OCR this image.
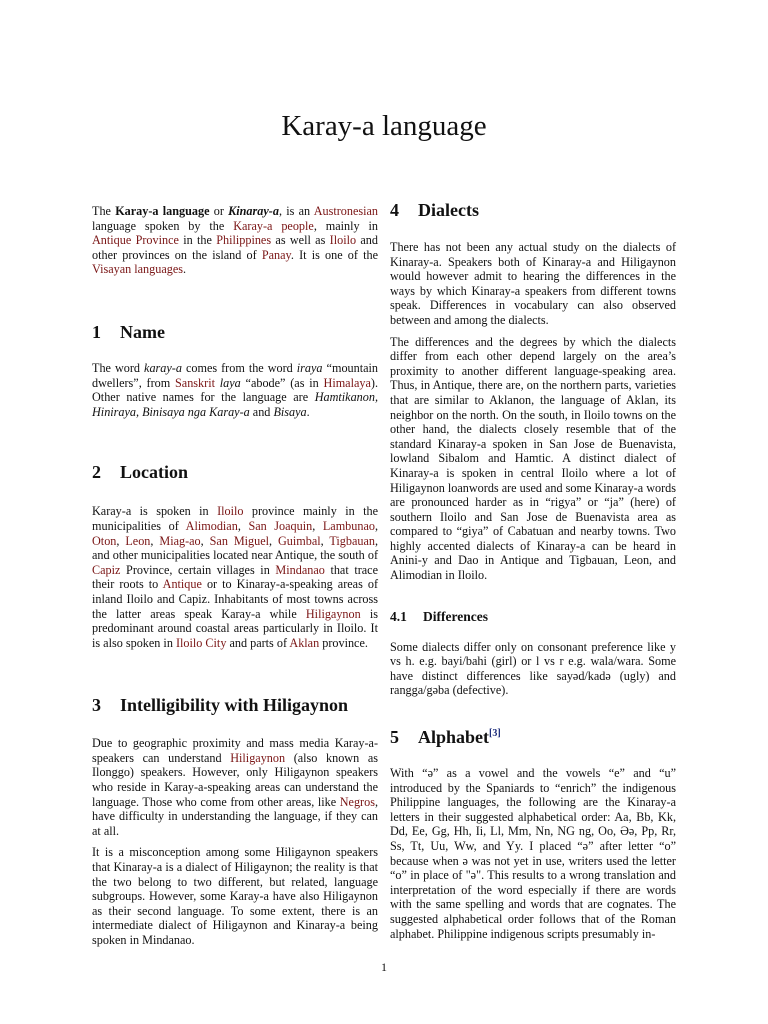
Karay-a language

The Karay-a language or Kinaray-a, is an Austronesian language spoken by the Karay-a people, mainly in Antique Province in the Philippines as well as Iloilo and other provinces on the island of Panay. It is one of the Visayan languages.

1 Name

The word karay-a comes from the word iraya “mountain dwellers”, from Sanskrit laya “abode” (as in Himalaya). Other native names for the language are Hamtikanon, Hiniraya, Binisaya nga Karay-a and Bisaya.

2 Location

Karay-a is spoken in Iloilo province mainly in the municipalities of Alimodian, San Joaquin, Lambunao, Oton, Leon, Miag-ao, San Miguel, Guimbal, Tigbauan, and other municipalities located near Antique, the south of Capiz Province, certain villages in Mindanao that trace their roots to Antique or to Kinaray-a-speaking areas of inland Iloilo and Capiz. Inhabitants of most towns across the latter areas speak Karay-a while Hiligaynon is predominant around coastal areas particularly in Iloilo. It is also spoken in Iloilo City and parts of Aklan province.

3 Intelligibility with Hiligaynon

Due to geographic proximity and mass media Karay-a-speakers can understand Hiligaynon (also known as Ilonggo) speakers. However, only Hiligaynon speakers who reside in Karay-a-speaking areas can understand the language. Those who come from other areas, like Negros, have difficulty in understanding the language, if they can at all.

It is a misconception among some Hiligaynon speakers that Kinaray-a is a dialect of Hiligaynon; the reality is that the two belong to two different, but related, language subgroups. However, some Karay-a have also Hiligaynon as their second language. To some extent, there is an intermediate dialect of Hiligaynon and Kinaray-a being spoken in Mindanao.

4 Dialects

There has not been any actual study on the dialects of Kinaray-a. Speakers both of Kinaray-a and Hiligaynon would however admit to hearing the differences in the ways by which Kinaray-a speakers from different towns speak. Differences in vocabulary can also observed between and among the dialects.

The differences and the degrees by which the dialects differ from each other depend largely on the area’s proximity to another different language-speaking area. Thus, in Antique, there are, on the northern parts, varieties that are similar to Aklanon, the language of Aklan, its neighbor on the north. On the south, in Iloilo towns on the other hand, the dialects closely resemble that of the standard Kinaray-a spoken in San Jose de Buenavista, lowland Sibalom and Hamtic. A distinct dialect of Kinaray-a is spoken in central Iloilo where a lot of Hiligaynon loanwords are used and some Kinaray-a words are pronounced harder as in “rigya” or “ja” (here) of southern Iloilo and San Jose de Buenavista area as compared to “giya” of Cabatuan and nearby towns. Two highly accented dialects of Kinaray-a can be heard in Anini-y and Dao in Antique and Tigbauan, Leon, and Alimodian in Iloilo.

4.1 Differences

Some dialects differ only on consonant preference like y vs h. e.g. bayi/bahi (girl) or l vs r e.g. wala/wara. Some have distinct differences like sayəd/kadə (ugly) and rangga/gəba (defective).

5 Alphabet[3]

With “ə” as a vowel and the vowels “e” and “u” introduced by the Spaniards to “enrich” the indigenous Philippine languages, the following are the Kinaray-a letters in their suggested alphabetical order: Aa, Bb, Kk, Dd, Ee, Gg, Hh, Ii, Ll, Mm, Nn, NG ng, Oo, Əə, Pp, Rr, Ss, Tt, Uu, Ww, and Yy. I placed “ə” after letter “o” because when ə was not yet in use, writers used the letter “o” in place of "ə". This results to a wrong translation and interpretation of the word especially if there are words with the same spelling and words that are cognates. The suggested alphabetical order follows that of the Roman alphabet. Philippine indigenous scripts presumably in-

1
